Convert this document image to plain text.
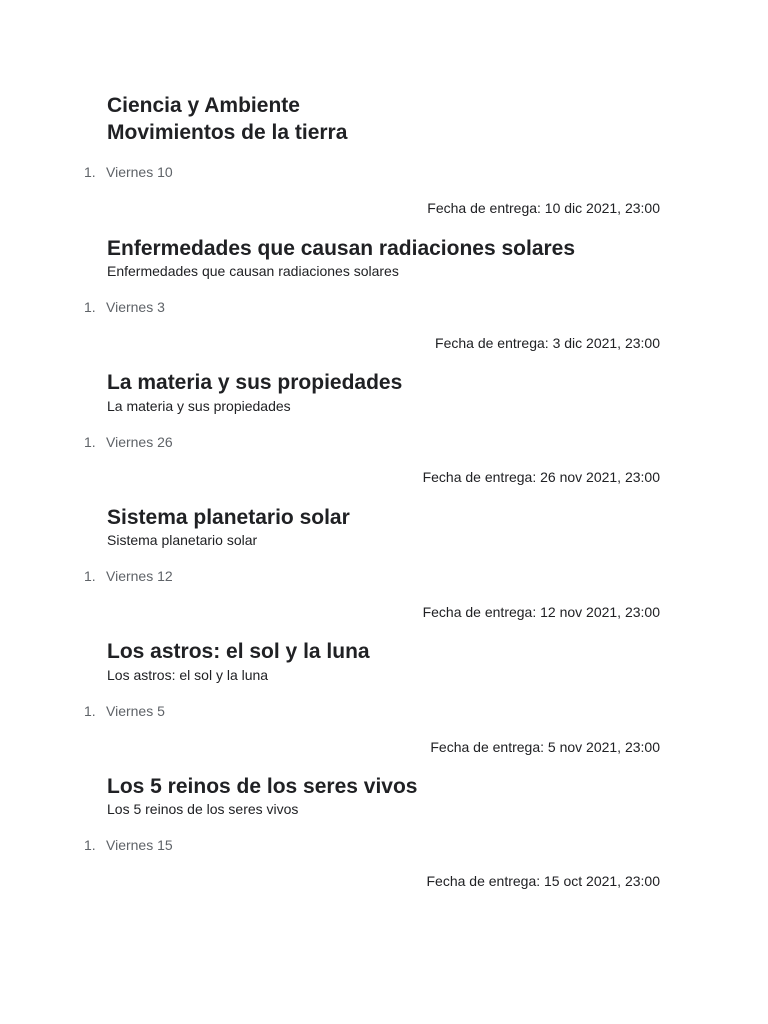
Ciencia y Ambiente
Movimientos de la tierra
1. Viernes 10
Fecha de entrega: 10 dic 2021, 23:00
Enfermedades que causan radiaciones solares
Enfermedades que causan radiaciones solares
1. Viernes 3
Fecha de entrega: 3 dic 2021, 23:00
La materia y sus propiedades
La materia y sus propiedades
1. Viernes 26
Fecha de entrega: 26 nov 2021, 23:00
Sistema planetario solar
Sistema planetario solar
1. Viernes 12
Fecha de entrega: 12 nov 2021, 23:00
Los astros: el sol y la luna
Los astros: el sol y la luna
1. Viernes 5
Fecha de entrega: 5 nov 2021, 23:00
Los 5 reinos de los seres vivos
Los 5 reinos de los seres vivos
1. Viernes 15
Fecha de entrega: 15 oct 2021, 23:00
